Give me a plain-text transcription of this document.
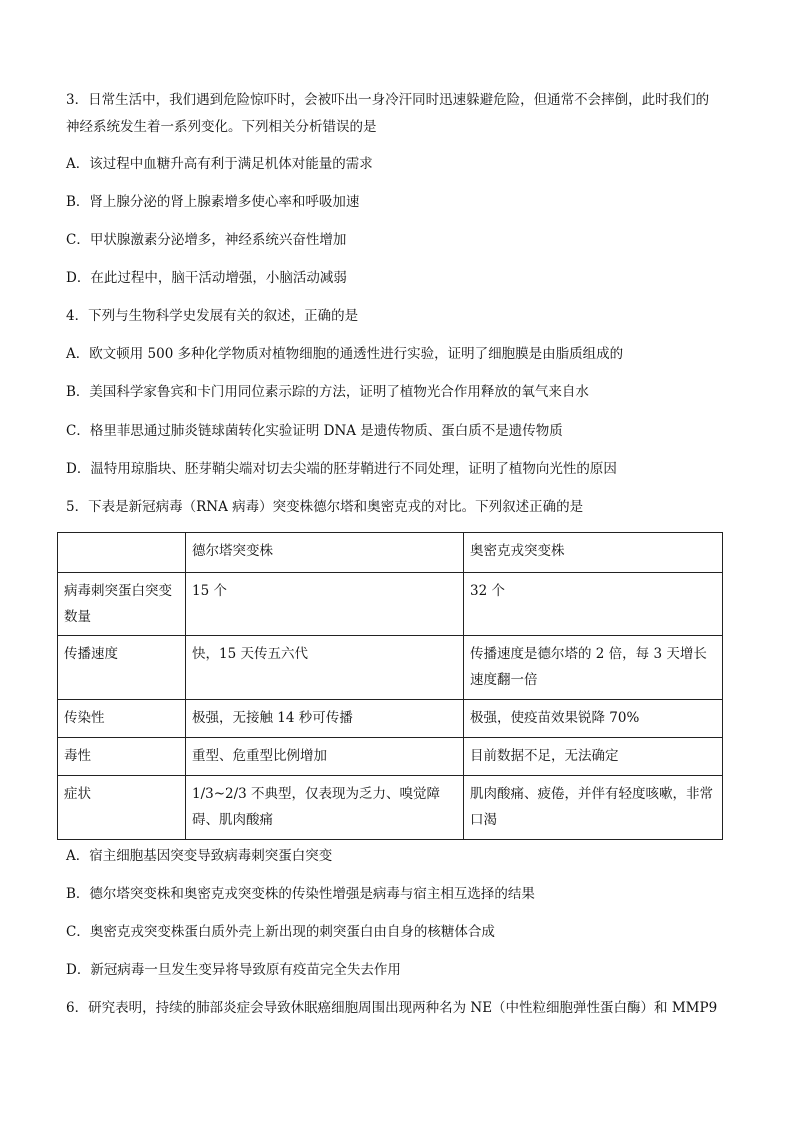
3．日常生活中，我们遇到危险惊吓时，会被吓出一身冷汗同时迅速躲避危险，但通常不会摔倒，此时我们的
神经系统发生着一系列变化。下列相关分析错误的是
A．该过程中血糖升高有利于满足机体对能量的需求
B．肾上腺分泌的肾上腺素增多使心率和呼吸加速
C．甲状腺激素分泌增多，神经系统兴奋性增加
D．在此过程中，脑干活动增强，小脑活动减弱
4．下列与生物科学史发展有关的叙述，正确的是
A．欧文顿用 500 多种化学物质对植物细胞的通透性进行实验，证明了细胞膜是由脂质组成的
B．美国科学家鲁宾和卡门用同位素示踪的方法，证明了植物光合作用释放的氧气来自水
C．格里菲思通过肺炎链球菌转化实验证明 DNA 是遗传物质、蛋白质不是遗传物质
D．温特用琼脂块、胚芽鞘尖端对切去尖端的胚芽鞘进行不同处理，证明了植物向光性的原因
5．下表是新冠病毒（RNA 病毒）突变株德尔塔和奥密克戎的对比。下列叙述正确的是
	德尔塔突变株	奥密克戎突变株
病毒刺突蛋白突变数量	15 个	32 个
传播速度	快，15 天传五六代	传播速度是德尔塔的 2 倍，每 3 天增长速度翻一倍
传染性	极强，无接触 14 秒可传播	极强，使疫苗效果锐降 70%
毒性	重型、危重型比例增加	目前数据不足，无法确定
症状	1/3~2/3 不典型，仅表现为乏力、嗅觉障碍、肌肉酸痛	肌肉酸痛、疲倦，并伴有轻度咳嗽，非常口渴
A．宿主细胞基因突变导致病毒刺突蛋白突变
B．德尔塔突变株和奥密克戎突变株的传染性增强是病毒与宿主相互选择的结果
C．奥密克戎突变株蛋白质外壳上新出现的刺突蛋白由自身的核糖体合成
D．新冠病毒一旦发生变异将导致原有疫苗完全失去作用
6．研究表明，持续的肺部炎症会导致休眠癌细胞周围出现两种名为 NE（中性粒细胞弹性蛋白酶）和 MMP9
